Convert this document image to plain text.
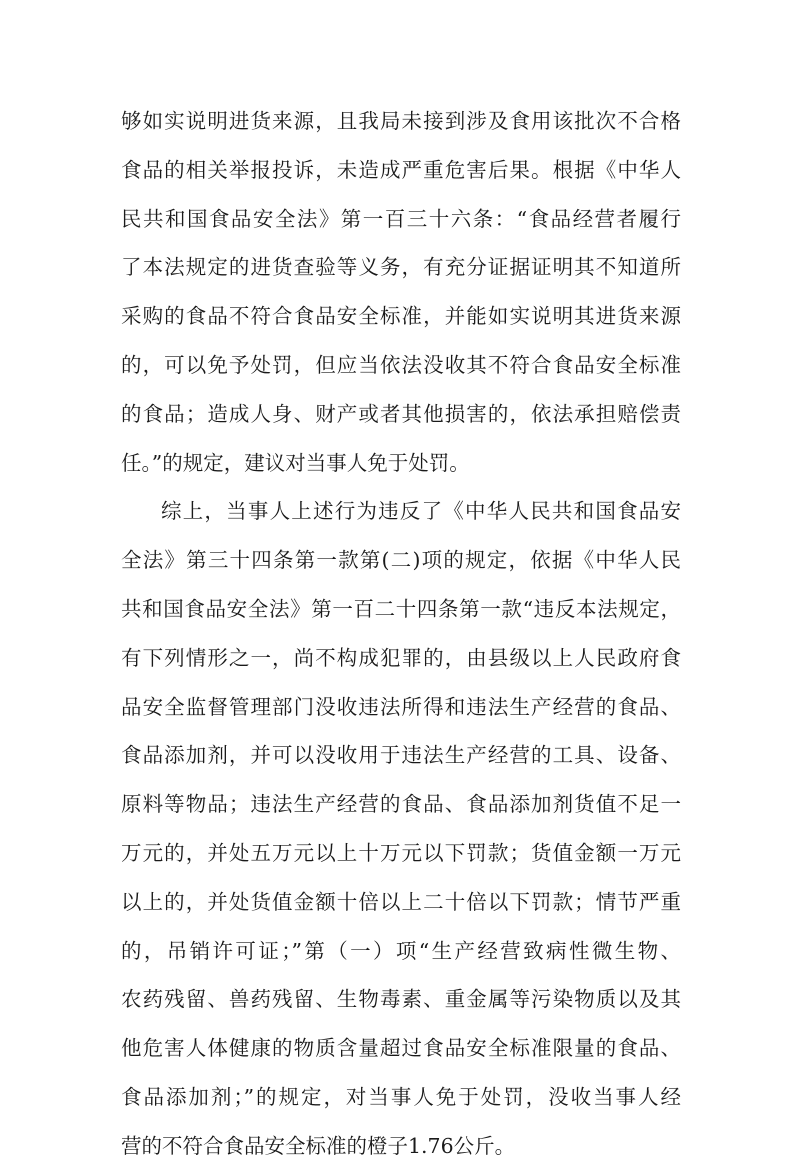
够如实说明进货来源，且我局未接到涉及食用该批次不合格
食品的相关举报投诉，未造成严重危害后果。根据《中华人
民共和国食品安全法》第一百三十六条：“食品经营者履行
了本法规定的进货查验等义务，有充分证据证明其不知道所
采购的食品不符合食品安全标准，并能如实说明其进货来源
的，可以免予处罚，但应当依法没收其不符合食品安全标准
的食品；造成人身、财产或者其他损害的，依法承担赔偿责
任。”的规定，建议对当事人免于处罚。
综上，当事人上述行为违反了《中华人民共和国食品安
全法》第三十四条第一款第(二)项的规定，依据《中华人民
共和国食品安全法》第一百二十四条第一款“违反本法规定，
有下列情形之一，尚不构成犯罪的，由县级以上人民政府食
品安全监督管理部门没收违法所得和违法生产经营的食品、
食品添加剂，并可以没收用于违法生产经营的工具、设备、
原料等物品；违法生产经营的食品、食品添加剂货值不足一
万元的，并处五万元以上十万元以下罚款；货值金额一万元
以上的，并处货值金额十倍以上二十倍以下罚款；情节严重
的，吊销许可证；”第（一）项“生产经营致病性微生物、
农药残留、兽药残留、生物毒素、重金属等污染物质以及其
他危害人体健康的物质含量超过食品安全标准限量的食品、
食品添加剂；”的规定，对当事人免于处罚，没收当事人经
营的不符合食品安全标准的橙子1.76公斤。
